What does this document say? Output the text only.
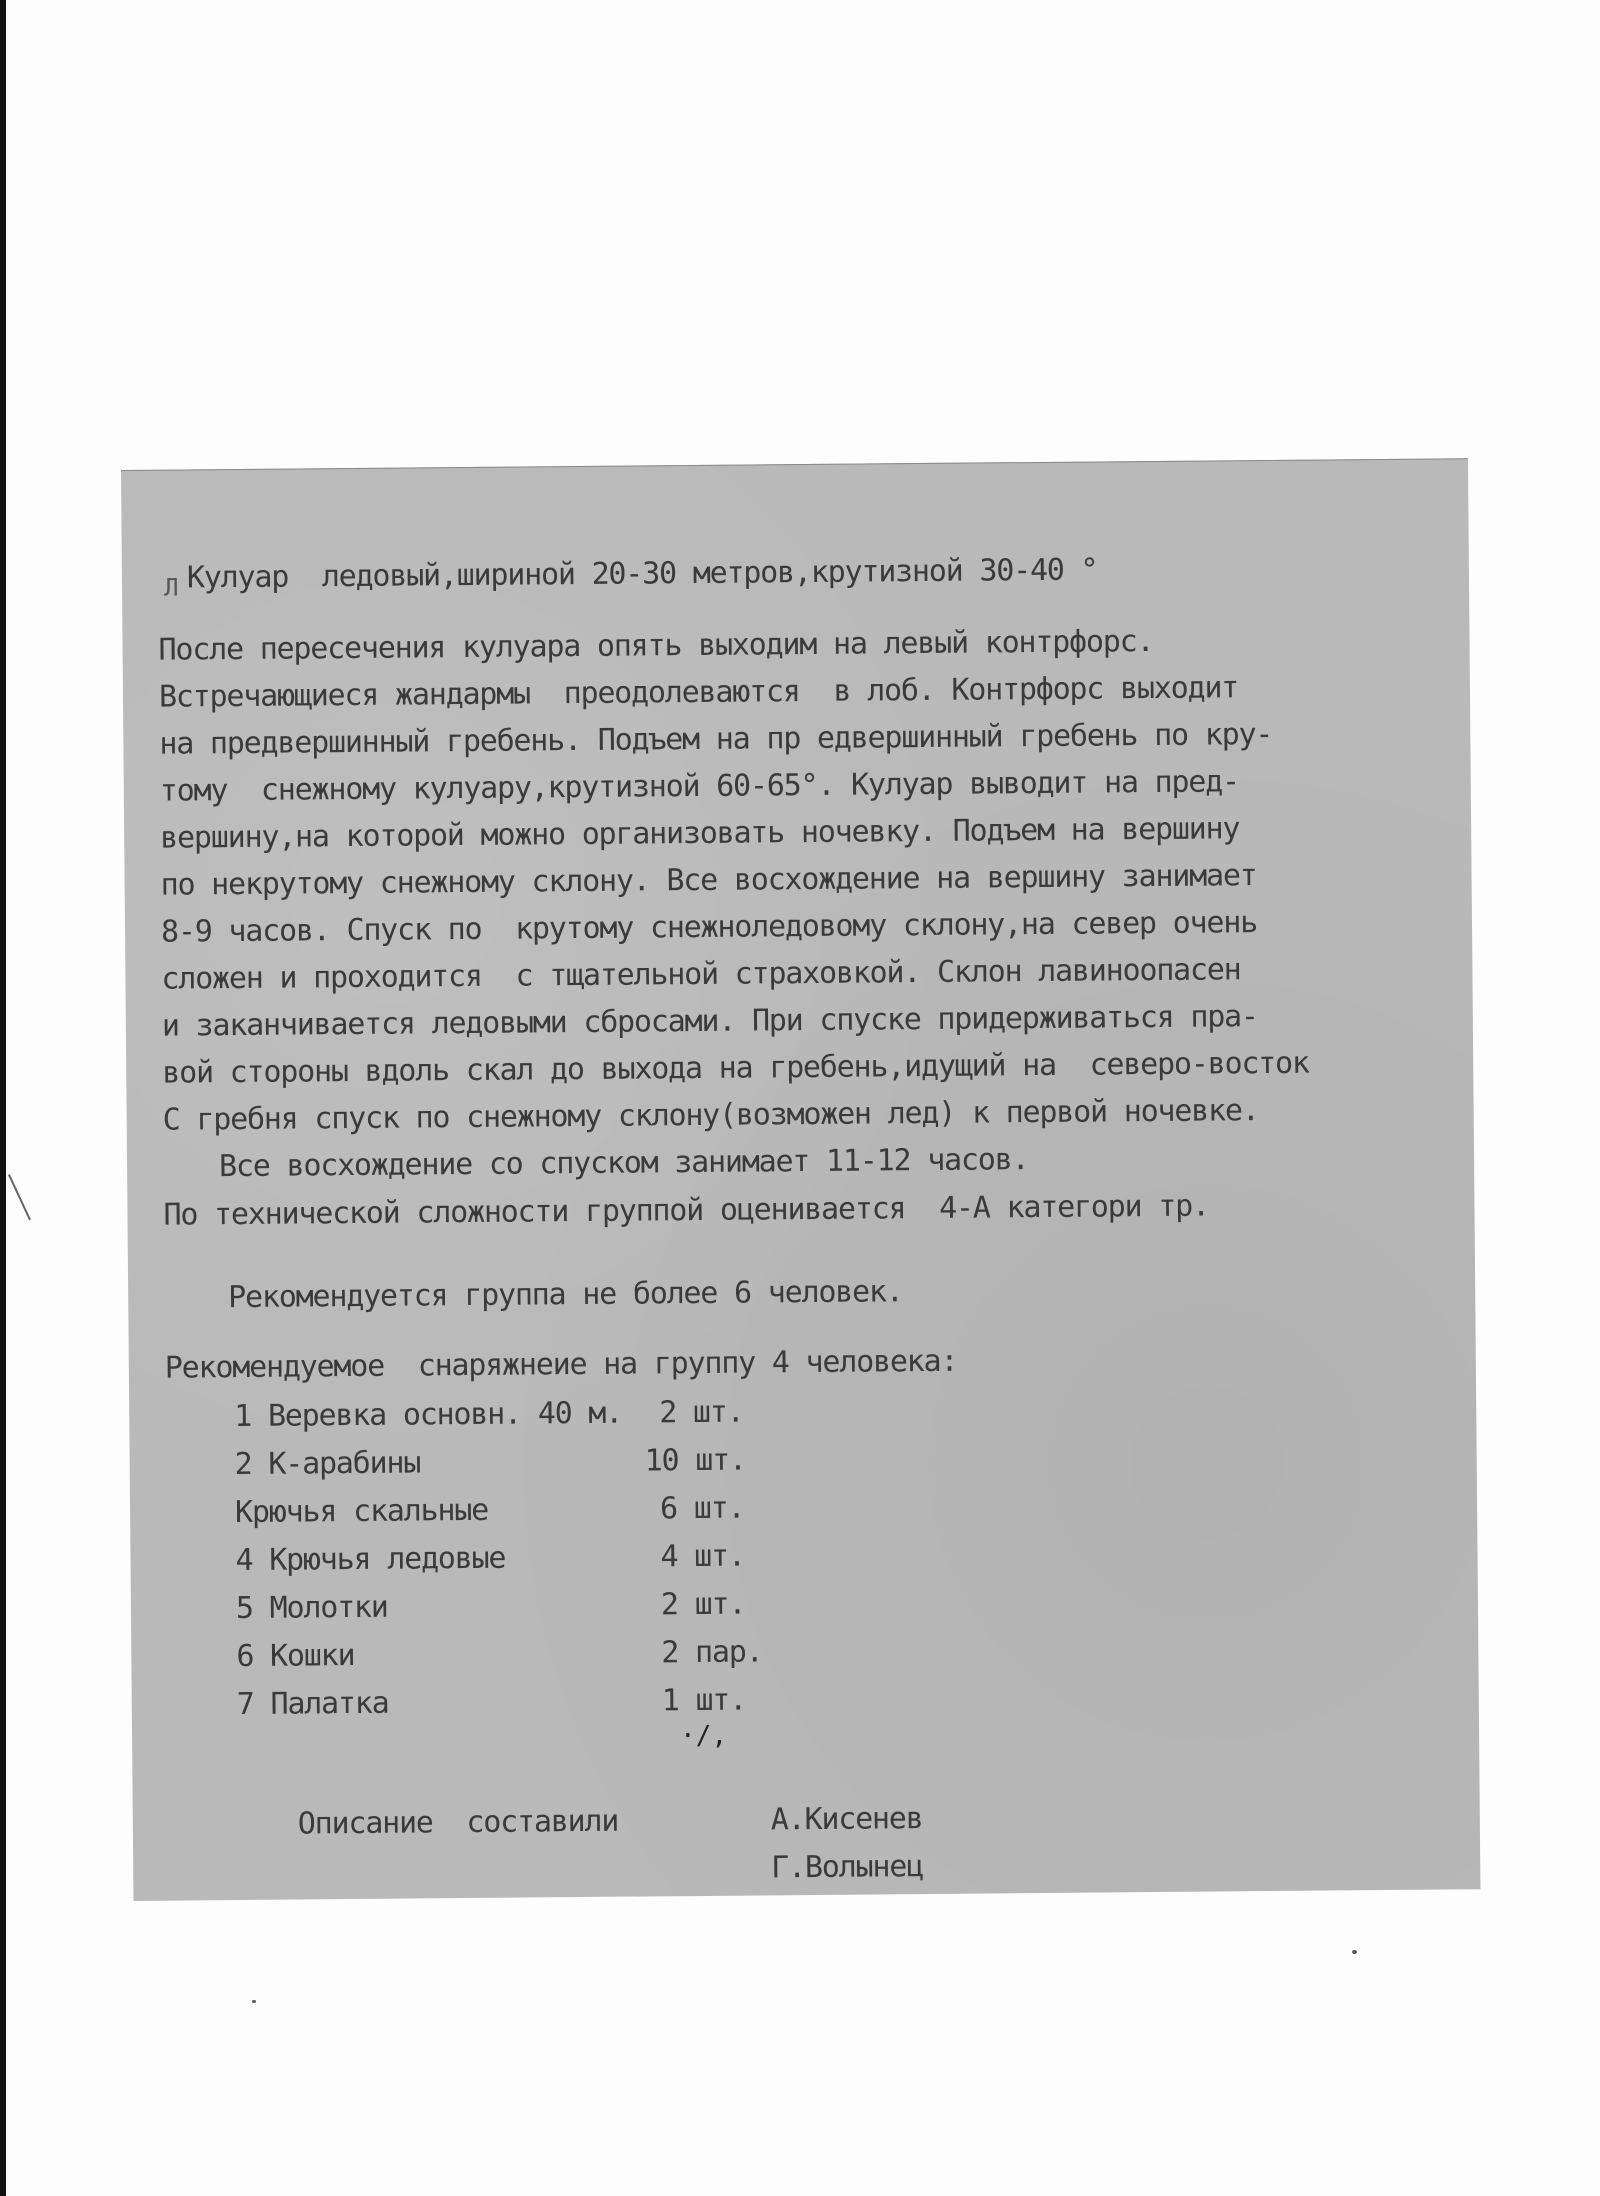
Л Кулуар  ледовый,шириной 20-30 метров,крутизной 30-40 °
После пересечения кулуара опять выходим на левый контрфорс.
Встречающиеся жандармы  преодолеваются  в лоб. Контрфорс выходит
на предвершинный гребень. Подъем на пр едвершинный гребень по кру-
тому  снежному кулуару,крутизной 60-65°. Кулуар выводит на пред-
вершину,на которой можно организовать ночевку. Подъем на вершину
по некрутому снежному склону. Все восхождение на вершину занимает
8-9 часов. Спуск по  крутому снежноледовому склону,на север очень
сложен и проходится  с тщательной страховкой. Склон лавиноопасен
и заканчивается ледовыми сбросами. При спуске придерживаться пра-
вой стороны вдоль скал до выхода на гребень,идущий на  северо-восток
С гребня спуск по снежному склону(возможен лед) к первой ночевке.
Все восхождение со спуском занимает 11-12 часов.
По технической сложности группой оценивается  4-А категори тр.
Рекомендуется группа не более 6 человек.
Рекомендуемое  снаряжнеие на группу 4 человека:
1 Веревка основн. 40 м. 2 шт.
2 К-арабины	10 шт.
Крючья скальные	6 шт.
4 Крючья ледовые	4 шт.
5 Молотки	2 шт.
6 Кошки	2 пар.
7 Палатка	1 шт.
·/,
Описание  составили	А.Кисенев
Г.Волынец
